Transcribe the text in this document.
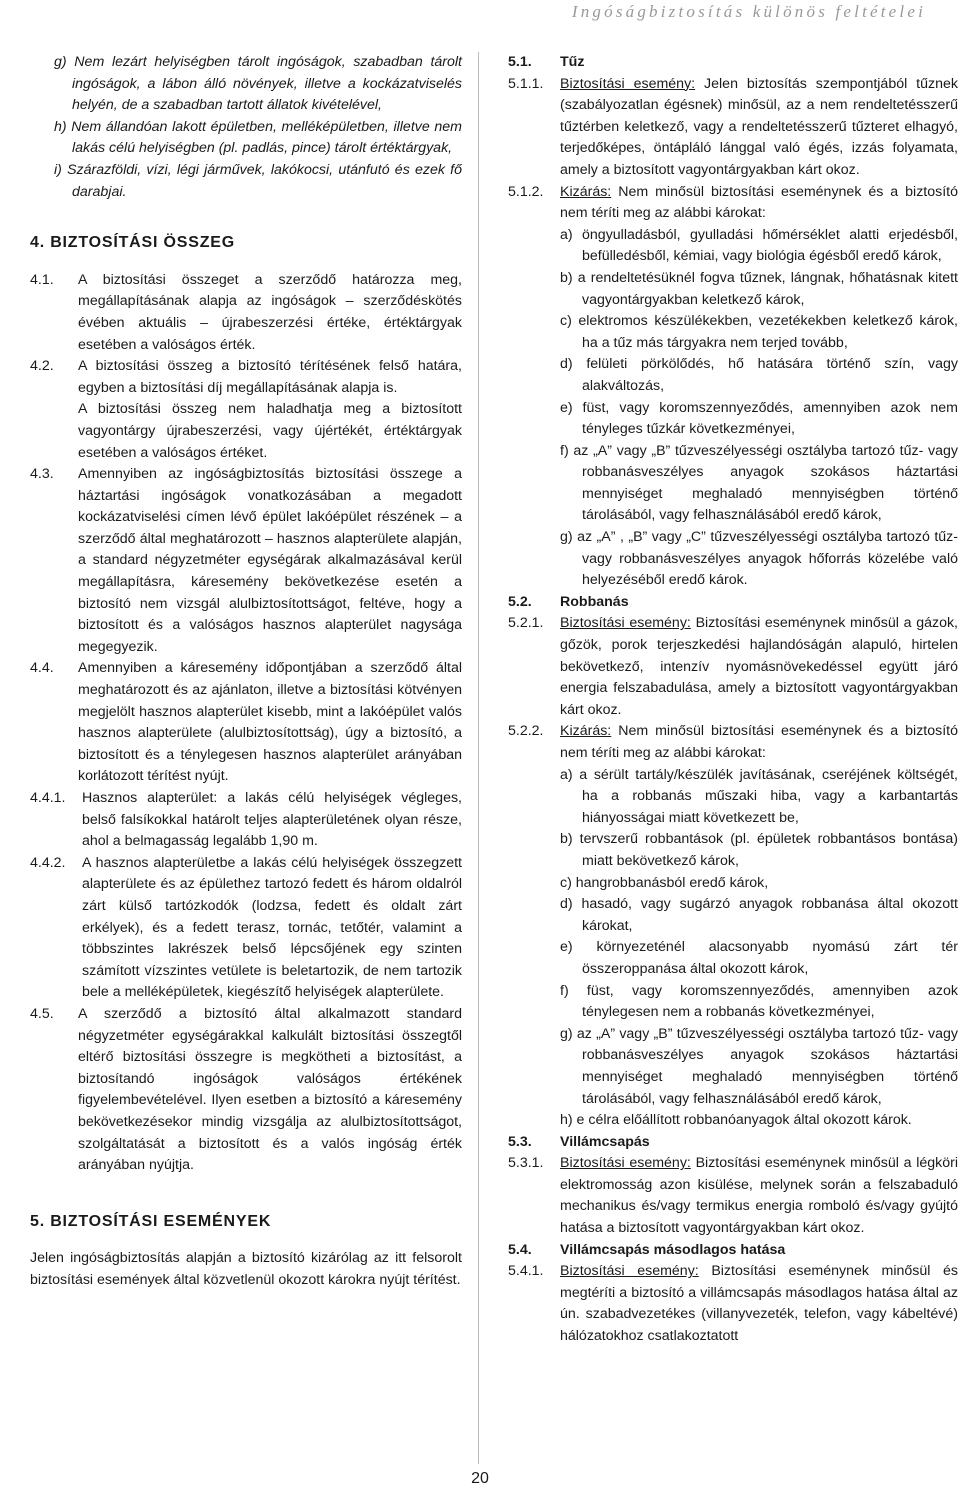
Ingóságbiztosítás különös feltételei

g) Nem lezárt helyiségben tárolt ingóságok, szabadban tárolt ingóságok, a lábon álló növények, illetve a kockázatviselés helyén, de a szabadban tartott állatok kivételével,

h) Nem állandóan lakott épületben, melléképületben, illetve nem lakás célú helyiségben (pl. padlás, pince) tárolt értéktárgyak,

i) Szárazföldi, vízi, légi járművek, lakókocsi, utánfutó és ezek fő darabjai.

4. BIZTOSÍTÁSI ÖSSZEG
4.1.	A biztosítási összeget a szerződő határozza meg, megállapításának alapja az ingóságok – szerződéskötés évében aktuális – újrabeszerzési értéke, értéktárgyak esetében a valóságos érték.
4.2.	A biztosítási összeg a biztosító térítésének felső határa, egyben a biztosítási díj megállapításának alapja is.
A biztosítási összeg nem haladhatja meg a biztosított vagyontárgy újrabeszerzési, vagy újértékét, értéktárgyak esetében a valóságos értéket.
4.3.	Amennyiben az ingóságbiztosítás biztosítási összege a háztartási ingóságok vonatkozásában a megadott kockázatviselési címen lévő épület lakóépület részének – a szerződő által meghatározott – hasznos alapterülete alapján, a standard négyzetméter egységárak alkalmazásával kerül megállapításra, káresemény bekövetkezése esetén a biztosító nem vizsgál alulbiztosítottságot, feltéve, hogy a biztosított és a valóságos hasznos alapterület nagysága megegyezik.
4.4.	Amennyiben a káresemény időpontjában a szerződő által meghatározott és az ajánlaton, illetve a biztosítási kötvényen megjelölt hasznos alapterület kisebb, mint a lakóépület valós hasznos alapterülete (alulbiztosítottság), úgy a biztosító, a biztosított és a ténylegesen hasznos alapterület arányában korlátozott térítést nyújt.
4.4.1.	Hasznos alapterület: a lakás célú helyiségek végleges, belső falsíkokkal határolt teljes alapterületének olyan része, ahol a belmagasság legalább 1,90 m.
4.4.2.	A hasznos alapterületbe a lakás célú helyiségek összegzett alapterülete és az épülethez tartozó fedett és három oldalról zárt külső tartózkodók (lodzsa, fedett és oldalt zárt erkélyek), és a fedett terasz, tornác, tetőtér, valamint a többszintes lakrészek belső lépcsőjének egy szinten számított vízszintes vetülete is beletartozik, de nem tartozik bele a melléképületek, kiegészítő helyiségek alapterülete.
4.5.	A szerződő a biztosító által alkalmazott standard négyzetméter egységárakkal kalkulált biztosítási összegtől eltérő biztosítási összegre is megkötheti a biztosítást, a biztosítandó ingóságok valóságos értékének figyelembevételével. Ilyen esetben a biztosító a káresemény bekövetkezésekor mindig vizsgálja az alulbiztosítottságot, szolgáltatását a biztosított és a valós ingóság érték arányában nyújtja.
5. BIZTOSÍTÁSI ESEMÉNYEK

Jelen ingóságbiztosítás alapján a biztosító kizárólag az itt felsorolt biztosítási események által közvetlenül okozott károkra nyújt térítést.

5.1.	Tűz
5.1.1.	Biztosítási esemény: Jelen biztosítás szempontjából tűznek (szabályozatlan égésnek) minősül, az a nem rendeltetésszerű tűztérben keletkező, vagy a rendeltetésszerű tűzteret elhagyó, terjedőképes, öntápláló lánggal való égés, izzás folyamata, amely a biztosított vagyontárgyakban kárt okoz.
5.1.2.	Kizárás: Nem minősül biztosítási eseménynek és a biztosító nem téríti meg az alábbi károkat:

a) öngyulladásból, gyulladási hőmérséklet alatti erjedésből, befülledésből, kémiai, vagy biológia égésből eredő károk,

b) a rendeltetésüknél fogva tűznek, lángnak, hőhatásnak kitett vagyontárgyakban keletkező károk,

c) elektromos készülékekben, vezetékekben keletkező károk, ha a tűz más tárgyakra nem terjed tovább,

d) felületi pörkölődés, hő hatására történő szín, vagy alakváltozás,

e) füst, vagy koromszennyeződés, amennyiben azok nem tényleges tűzkár következményei,

f) az „A” vagy „B” tűzveszélyességi osztályba tartozó tűz- vagy robbanásveszélyes anyagok szokásos háztartási mennyiséget meghaladó mennyiségben történő tárolásából, vagy felhasználásából eredő károk,

g) az „A” , „B” vagy „C” tűzveszélyességi osztályba tartozó tűz- vagy robbanásveszélyes anyagok hőforrás közelébe való helyezéséből eredő károk.

5.2.	Robbanás
5.2.1.	Biztosítási esemény: Biztosítási eseménynek minősül a gázok, gőzök, porok terjeszkedési hajlandóságán alapuló, hirtelen bekövetkező, intenzív nyomásnövekedéssel együtt járó energia felszabadulása, amely a biztosított vagyontárgyakban kárt okoz.
5.2.2.	Kizárás: Nem minősül biztosítási eseménynek és a biztosító nem téríti meg az alábbi károkat:

a) a sérült tartály/készülék javításának, cseréjének költségét, ha a robbanás műszaki hiba, vagy a karbantartás hiányosságai miatt következett be,

b) tervszerű robbantások (pl. épületek robbantásos bontása) miatt bekövetkező károk,

c) hangrobbanásból eredő károk,

d) hasadó, vagy sugárzó anyagok robbanása által okozott károkat,

e) környezeténél alacsonyabb nyomású zárt tér összeroppanása által okozott károk,

f) füst, vagy koromszennyeződés, amennyiben azok ténylegesen nem a robbanás következményei,

g) az „A” vagy „B” tűzveszélyességi osztályba tartozó tűz- vagy robbanásveszélyes anyagok szokásos háztartási mennyiséget meghaladó mennyiségben történő tárolásából, vagy felhasználásából eredő károk,

h) e célra előállított robbanóanyagok által okozott károk.

5.3.	Villámcsapás
5.3.1.	Biztosítási esemény: Biztosítási eseménynek minősül a légköri elektromosság azon kisülése, melynek során a felszabaduló mechanikus és/vagy termikus energia romboló és/vagy gyújtó hatása a biztosított vagyontárgyakban kárt okoz.
5.4.	Villámcsapás másodlagos hatása
5.4.1.	Biztosítási esemény: Biztosítási eseménynek minősül és megtéríti a biztosító a villámcsapás másodlagos hatása által az ún. szabadvezetékes (villanyvezeték, telefon, vagy kábeltévé) hálózatokhoz csatlakoztatott
20
